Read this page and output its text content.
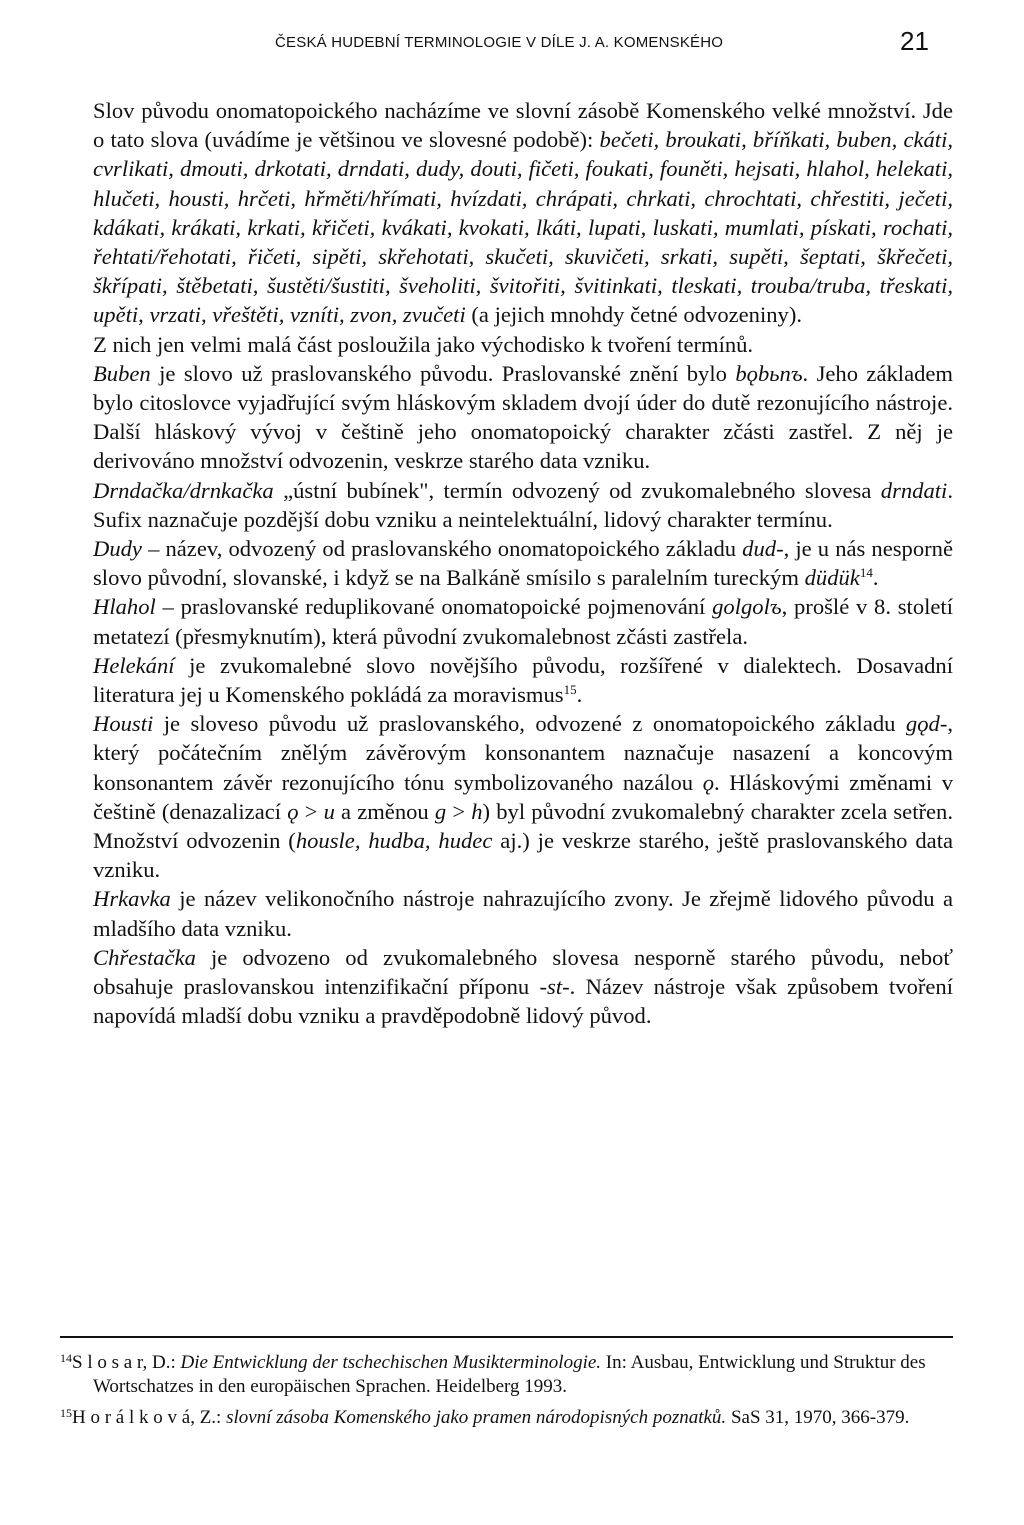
ČESKÁ HUDEBNÍ TERMINOLOGIE V DÍLE J. A. KOMENSKÉHO	21

Slov původu onomatopoického nacházíme ve slovní zásobě Komenského velké množství. Jde o tato slova (uvádíme je většinou ve slovesné podobě): bečeti, broukati, bříňkati, buben, ckáti, cvrlikati, dmouti, drkotati, drndati, dudy, douti, fičeti, foukati, founěti, hejsati, hlahol, helekati, hlučeti, housti, hrčeti, hřměti/hřímati, hvízdati, chrápati, chrkati, chrochtati, chřestiti, ječeti, kdákati, krákati, krkati, křičeti, kvákati, kvokati, lkáti, lupati, luskati, mumlati, pískati, rochati, řehtati/řehotati, řičeti, sipěti, skřehotati, skučeti, skuvičeti, srkati, supěti, šeptati, škřečeti, škřípati, štěbetati, šustěti/šustiti, šveholiti, švitořiti, švitinkati, tleskati, trouba/truba, třeskati, upěti, vrzati, vřeštěti, vzníti, zvon, zvučeti (a jejich mnohdy četné odvozeniny).

Z nich jen velmi malá část posloužila jako východisko k tvoření termínů.

Buben je slovo už praslovanského původu. Praslovanské znění bylo bǫbьnъ. Jeho základem bylo citoslovce vyjadřující svým hláskovým skladem dvojí úder do dutě rezonujícího nástroje. Další hláskový vývoj v češtině jeho onomatopoický charakter zčásti zastřel. Z něj je derivováno množství odvozenin, veskrze starého data vzniku.

Drndačka/drnkačka „ústní bubínek", termín odvozený od zvukomalebného slovesa drndati. Sufix naznačuje pozdější dobu vzniku a neintelektuální, lidový charakter termínu.

Dudy – název, odvozený od praslovanského onomatopoického základu dud-, je u nás nesporně slovo původní, slovanské, i když se na Balkáně smísilo s paralelním tureckým düdük$^{14}$.

Hlahol – praslovanské reduplikované onomatopoické pojmenování golgolъ, prošlé v 8. století metatezí (přesmyknutím), která původní zvukomalebnost zčásti zastřela.

Helekání je zvukomalebné slovo novějšího původu, rozšířené v dialektech. Dosavadní literatura jej u Komenského pokládá za moravismus$^{15}$.

Housti je sloveso původu už praslovanského, odvozené z onomatopoického základu gǫd-, který počátečním znělým závěrovým konsonantem naznačuje nasazení a koncovým konsonantem závěr rezonujícího tónu symbolizovaného nazálou ǫ. Hláskovými změnami v češtině (denazalizací ǫ > u a změnou g > h) byl původní zvukomalebný charakter zcela setřen. Množství odvozenin (housle, hudba, hudec aj.) je veskrze starého, ještě praslovanského data vzniku.

Hrkavka je název velikonočního nástroje nahrazujícího zvony. Je zřejmě lidového původu a mladšího data vzniku.

Chřestačka je odvozeno od zvukomalebného slovesa nesporně starého původu, neboť obsahuje praslovanskou intenzifikační příponu -st-. Název nástroje však způsobem tvoření napovídá mladší dobu vzniku a pravděpodobně lidový původ.

$^{14}$S l o s a r, D.: Die Entwicklung der tschechischen Musikterminologie. In: Ausbau, Entwicklung und Struktur des Wortschatzes in den europäischen Sprachen. Heidelberg 1993.

$^{15}$H o r á l k o v á, Z.: slovní zásoba Komenského jako pramen národopisných poznatků. SaS 31, 1970, 366-379.
